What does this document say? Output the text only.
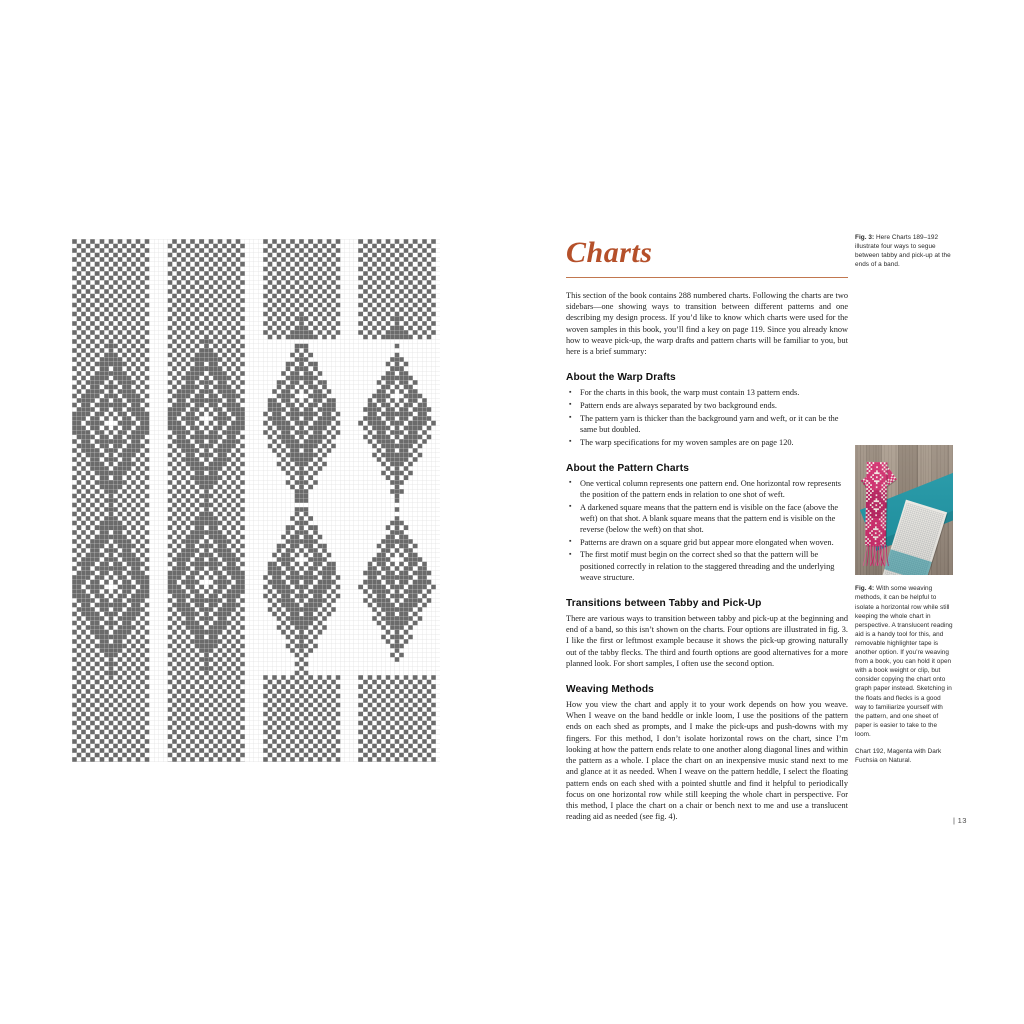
Charts

This section of the book contains 288 numbered charts. Following the charts are two sidebars—one showing ways to transition between different patterns and one describing my design process. If you’d like to know which charts were used for the woven samples in this book, you’ll find a key on page 119. Since you already know how to weave pick-up, the warp drafts and pattern charts will be familiar to you, but here is a brief summary:

About the Warp Drafts
▪ For the charts in this book, the warp must contain 13 pattern ends.
▪ Pattern ends are always separated by two background ends.
▪ The pattern yarn is thicker than the background yarn and weft, or it can be the same but doubled.
▪ The warp specifications for my woven samples are on page 120.
About the Pattern Charts
▪ One vertical column represents one pattern end. One horizontal row represents the position of the pattern ends in relation to one shot of weft.
▪ A darkened square means that the pattern end is visible on the face (above the weft) on that shot. A blank square means that the pattern end is visible on the reverse (below the weft) on that shot.
▪ Patterns are drawn on a square grid but appear more elongated when woven.
▪ The first motif must begin on the correct shed so that the pattern will be positioned correctly in relation to the staggered threading and the underlying weave structure.
Transitions between Tabby and Pick-Up

There are various ways to transition between tabby and pick-up at the beginning and end of a band, so this isn’t shown on the charts. Four options are illustrated in fig. 3. I like the first or leftmost example because it shows the pick-up growing naturally out of the tabby flecks. The third and fourth options are good alternatives for a more planned look. For short samples, I often use the second option.

Weaving Methods

How you view the chart and apply it to your work depends on how you weave. When I weave on the band heddle or inkle loom, I use the positions of the pattern ends on each shed as prompts, and I make the pick-ups and push-downs with my fingers. For this method, I don’t isolate horizontal rows on the chart, since I’m looking at how the pattern ends relate to one another along diagonal lines and within the pattern as a whole. I place the chart on an inexpensive music stand next to me and glance at it as needed. When I weave on the pattern heddle, I select the floating pattern ends on each shed with a pointed shuttle and find it helpful to periodically focus on one horizontal row while still keeping the whole chart in perspective. For this method, I place the chart on a chair or bench next to me and use a translucent reading aid as needed (see fig. 4).

Fig. 3: Here Charts 189–192 illustrate four ways to segue between tabby and pick-up at the ends of a band.

Fig. 4: With some weaving methods, it can be helpful to isolate a horizontal row while still keeping the whole chart in perspective. A translucent reading aid is a handy tool for this, and removable highlighter tape is another option. If you’re weaving from a book, you can hold it open with a book weight or clip, but consider copying the chart onto graph paper instead. Sketching in the floats and flecks is a good way to familiarize yourself with the pattern, and one sheet of paper is easier to take to the loom.

Chart 192, Magenta with Dark Fuchsia on Natural.

| 13
